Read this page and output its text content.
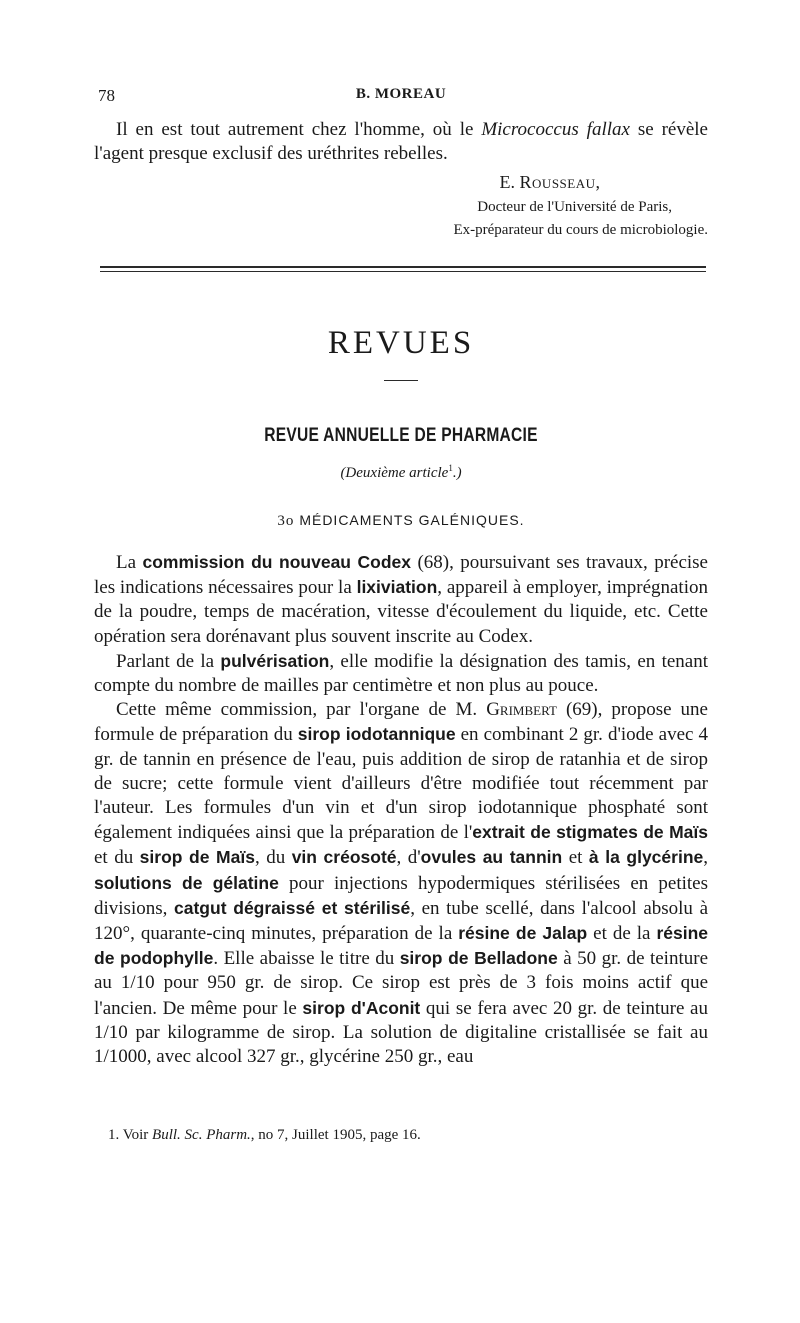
78	B. MOREAU

Il en est tout autrement chez l'homme, où le Micrococcus fallax se révèle l'agent presque exclusif des uréthrites rebelles.

E. Rousseau,
Docteur de l'Université de Paris,
Ex-préparateur du cours de microbiologie.
REVUES
REVUE ANNUELLE DE PHARMACIE
(Deuxième article$^1$.)
3o MÉDICAMENTS GALÉNIQUES.

La commission du nouveau Codex (68), poursuivant ses travaux, précise les indications nécessaires pour la lixiviation, appareil à employer, imprégnation de la poudre, temps de macération, vitesse d'écoulement du liquide, etc. Cette opération sera dorénavant plus souvent inscrite au Codex.

Parlant de la pulvérisation, elle modifie la désignation des tamis, en tenant compte du nombre de mailles par centimètre et non plus au pouce.

Cette même commission, par l'organe de M. Grimbert (69), propose une formule de préparation du sirop iodotannique en combinant 2 gr. d'iode avec 4 gr. de tannin en présence de l'eau, puis addition de sirop de ratanhia et de sirop de sucre; cette formule vient d'ailleurs d'être modifiée tout récemment par l'auteur. Les formules d'un vin et d'un sirop iodotannique phosphaté sont également indiquées ainsi que la préparation de l'extrait de stigmates de Maïs et du sirop de Maïs, du vin créosoté, d'ovules au tannin et à la glycérine, solutions de gélatine pour injections hypodermiques stérilisées en petites divisions, catgut dégraissé et stérilisé, en tube scellé, dans l'alcool absolu à 120°, quarante-cinq minutes, préparation de la résine de Jalap et de la résine de podophylle. Elle abaisse le titre du sirop de Belladone à 50 gr. de teinture au 1/10 pour 950 gr. de sirop. Ce sirop est près de 3 fois moins actif que l'ancien. De même pour le sirop d'Aconit qui se fera avec 20 gr. de teinture au 1/10 par kilogramme de sirop. La solution de digitaline cristallisée se fait au 1/1000, avec alcool 327 gr., glycérine 250 gr., eau

1. Voir Bull. Sc. Pharm., no 7, Juillet 1905, page 16.
